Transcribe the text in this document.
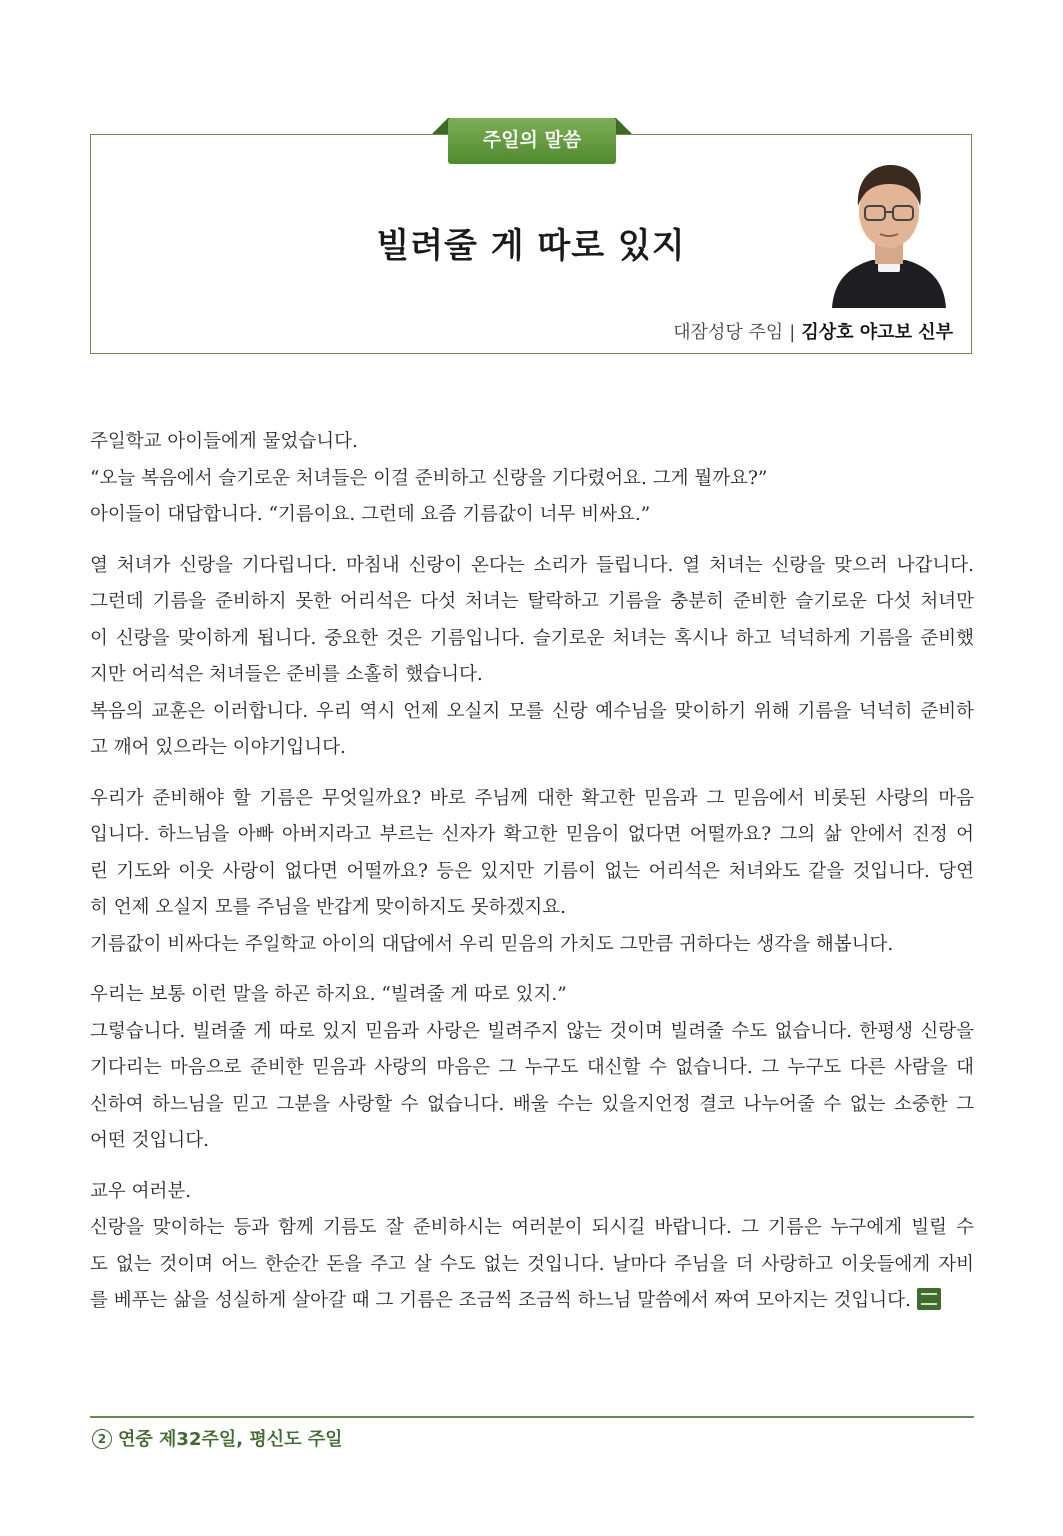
주일의 말씀
빌려줄 게 따로 있지
대잠성당 주임 | 김상호 야고보 신부
주일학교 아이들에게 물었습니다.
“오늘 복음에서 슬기로운 처녀들은 이걸 준비하고 신랑을 기다렸어요. 그게 뭘까요?”
아이들이 대답합니다. “기름이요. 그런데 요즘 기름값이 너무 비싸요.”
열 처녀가 신랑을 기다립니다. 마침내 신랑이 온다는 소리가 들립니다. 열 처녀는 신랑을 맞으러 나갑니다.
그런데 기름을 준비하지 못한 어리석은 다섯 처녀는 탈락하고 기름을 충분히 준비한 슬기로운 다섯 처녀만
이 신랑을 맞이하게 됩니다. 중요한 것은 기름입니다. 슬기로운 처녀는 혹시나 하고 넉넉하게 기름을 준비했
지만 어리석은 처녀들은 준비를 소홀히 했습니다.
복음의 교훈은 이러합니다. 우리 역시 언제 오실지 모를 신랑 예수님을 맞이하기 위해 기름을 넉넉히 준비하
고 깨어 있으라는 이야기입니다.
우리가 준비해야 할 기름은 무엇일까요? 바로 주님께 대한 확고한 믿음과 그 믿음에서 비롯된 사랑의 마음
입니다. 하느님을 아빠 아버지라고 부르는 신자가 확고한 믿음이 없다면 어떨까요? 그의 삶 안에서 진정 어
린 기도와 이웃 사랑이 없다면 어떨까요? 등은 있지만 기름이 없는 어리석은 처녀와도 같을 것입니다. 당연
히 언제 오실지 모를 주님을 반갑게 맞이하지도 못하겠지요.
기름값이 비싸다는 주일학교 아이의 대답에서 우리 믿음의 가치도 그만큼 귀하다는 생각을 해봅니다.
우리는 보통 이런 말을 하곤 하지요. “빌려줄 게 따로 있지.”
그렇습니다. 빌려줄 게 따로 있지 믿음과 사랑은 빌려주지 않는 것이며 빌려줄 수도 없습니다. 한평생 신랑을
기다리는 마음으로 준비한 믿음과 사랑의 마음은 그 누구도 대신할 수 없습니다. 그 누구도 다른 사람을 대
신하여 하느님을 믿고 그분을 사랑할 수 없습니다. 배울 수는 있을지언정 결코 나누어줄 수 없는 소중한 그
어떤 것입니다.
교우 여러분.
신랑을 맞이하는 등과 함께 기름도 잘 준비하시는 여러분이 되시길 바랍니다. 그 기름은 누구에게 빌릴 수
도 없는 것이며 어느 한순간 돈을 주고 살 수도 없는 것입니다. 날마다 주님을 더 사랑하고 이웃들에게 자비
를 베푸는 삶을 성실하게 살아갈 때 그 기름은 조금씩 조금씩 하느님 말씀에서 짜여 모아지는 것입니다.
2 연중 제32주일, 평신도 주일
